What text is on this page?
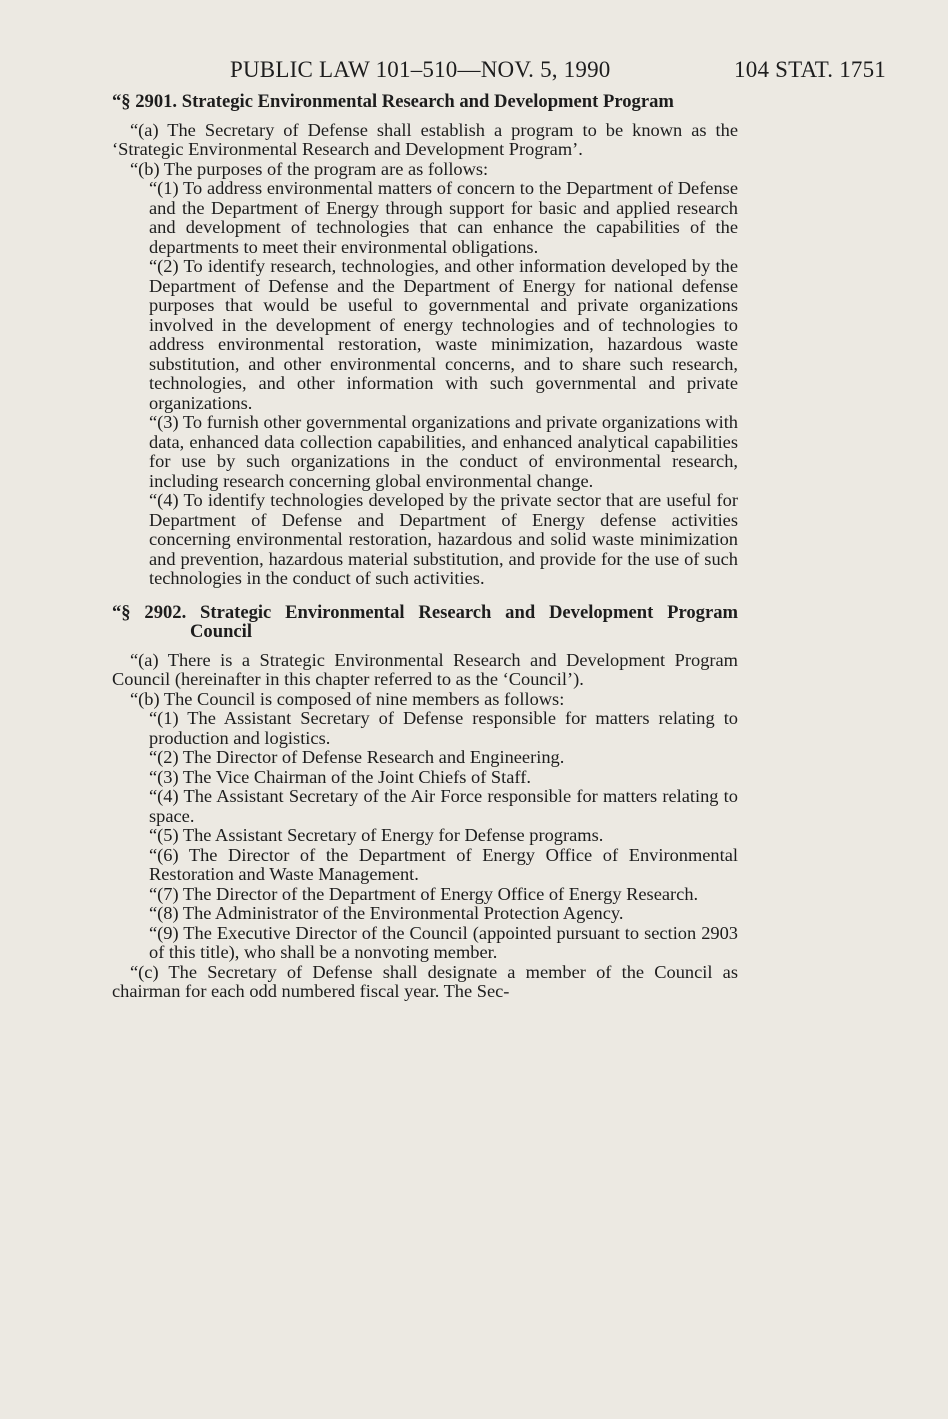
PUBLIC LAW 101–510—NOV. 5, 1990	104 STAT. 1751

“§ 2901. Strategic Environmental Research and Development Program

“(a) The Secretary of Defense shall establish a program to be known as the ‘Strategic Environmental Research and Development Program’.

“(b) The purposes of the program are as follows:

“(1) To address environmental matters of concern to the Department of Defense and the Department of Energy through support for basic and applied research and development of technologies that can enhance the capabilities of the departments to meet their environmental obligations.

“(2) To identify research, technologies, and other information developed by the Department of Defense and the Department of Energy for national defense purposes that would be useful to governmental and private organizations involved in the development of energy technologies and of technologies to address environmental restoration, waste minimization, hazardous waste substitution, and other environmental concerns, and to share such research, technologies, and other information with such governmental and private organizations.

“(3) To furnish other governmental organizations and private organizations with data, enhanced data collection capabilities, and enhanced analytical capabilities for use by such organizations in the conduct of environmental research, including research concerning global environmental change.

“(4) To identify technologies developed by the private sector that are useful for Department of Defense and Department of Energy defense activities concerning environmental restoration, hazardous and solid waste minimization and prevention, hazardous material substitution, and provide for the use of such technologies in the conduct of such activities.

“§ 2902. Strategic Environmental Research and Development Program Council

“(a) There is a Strategic Environmental Research and Development Program Council (hereinafter in this chapter referred to as the ‘Council’).

“(b) The Council is composed of nine members as follows:

“(1) The Assistant Secretary of Defense responsible for matters relating to production and logistics.

“(2) The Director of Defense Research and Engineering.

“(3) The Vice Chairman of the Joint Chiefs of Staff.

“(4) The Assistant Secretary of the Air Force responsible for matters relating to space.

“(5) The Assistant Secretary of Energy for Defense programs.

“(6) The Director of the Department of Energy Office of Environmental Restoration and Waste Management.

“(7) The Director of the Department of Energy Office of Energy Research.

“(8) The Administrator of the Environmental Protection Agency.

“(9) The Executive Director of the Council (appointed pursuant to section 2903 of this title), who shall be a nonvoting member.

“(c) The Secretary of Defense shall designate a member of the Council as chairman for each odd numbered fiscal year. The Sec-
